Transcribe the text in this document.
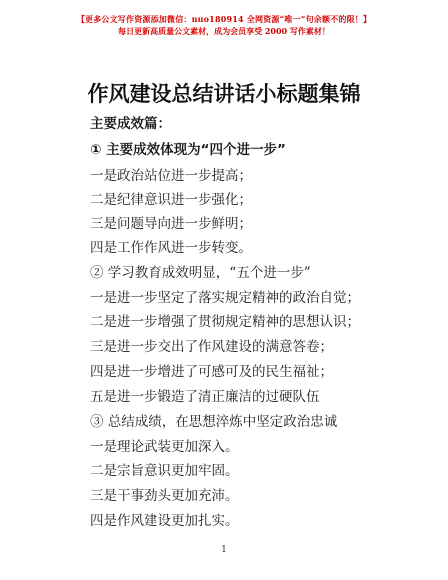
【更多公文写作资源添加微信：nuo180914 全网资源“唯一”句余额不的限！】
每日更新高质量公文素材，成为会员享受 2000 写作素材！
作风建设总结讲话小标题集锦
主要成效篇：
① 主要成效体现为“四个进一步”
一是政治站位进一步提高；
二是纪律意识进一步强化；
三是问题导向进一步鲜明；
四是工作作风进一步转变。
② 学习教育成效明显，“五个进一步”
一是进一步坚定了落实规定精神的政治自觉；
二是进一步增强了贯彻规定精神的思想认识；
三是进一步交出了作风建设的满意答卷；
四是进一步增进了可感可及的民生福祉；
五是进一步锻造了清正廉洁的过硬队伍
③ 总结成绩，在思想淬炼中坚定政治忠诚
一是理论武装更加深入。
二是宗旨意识更加牢固。
三是干事劲头更加充沛。
四是作风建设更加扎实。
1
